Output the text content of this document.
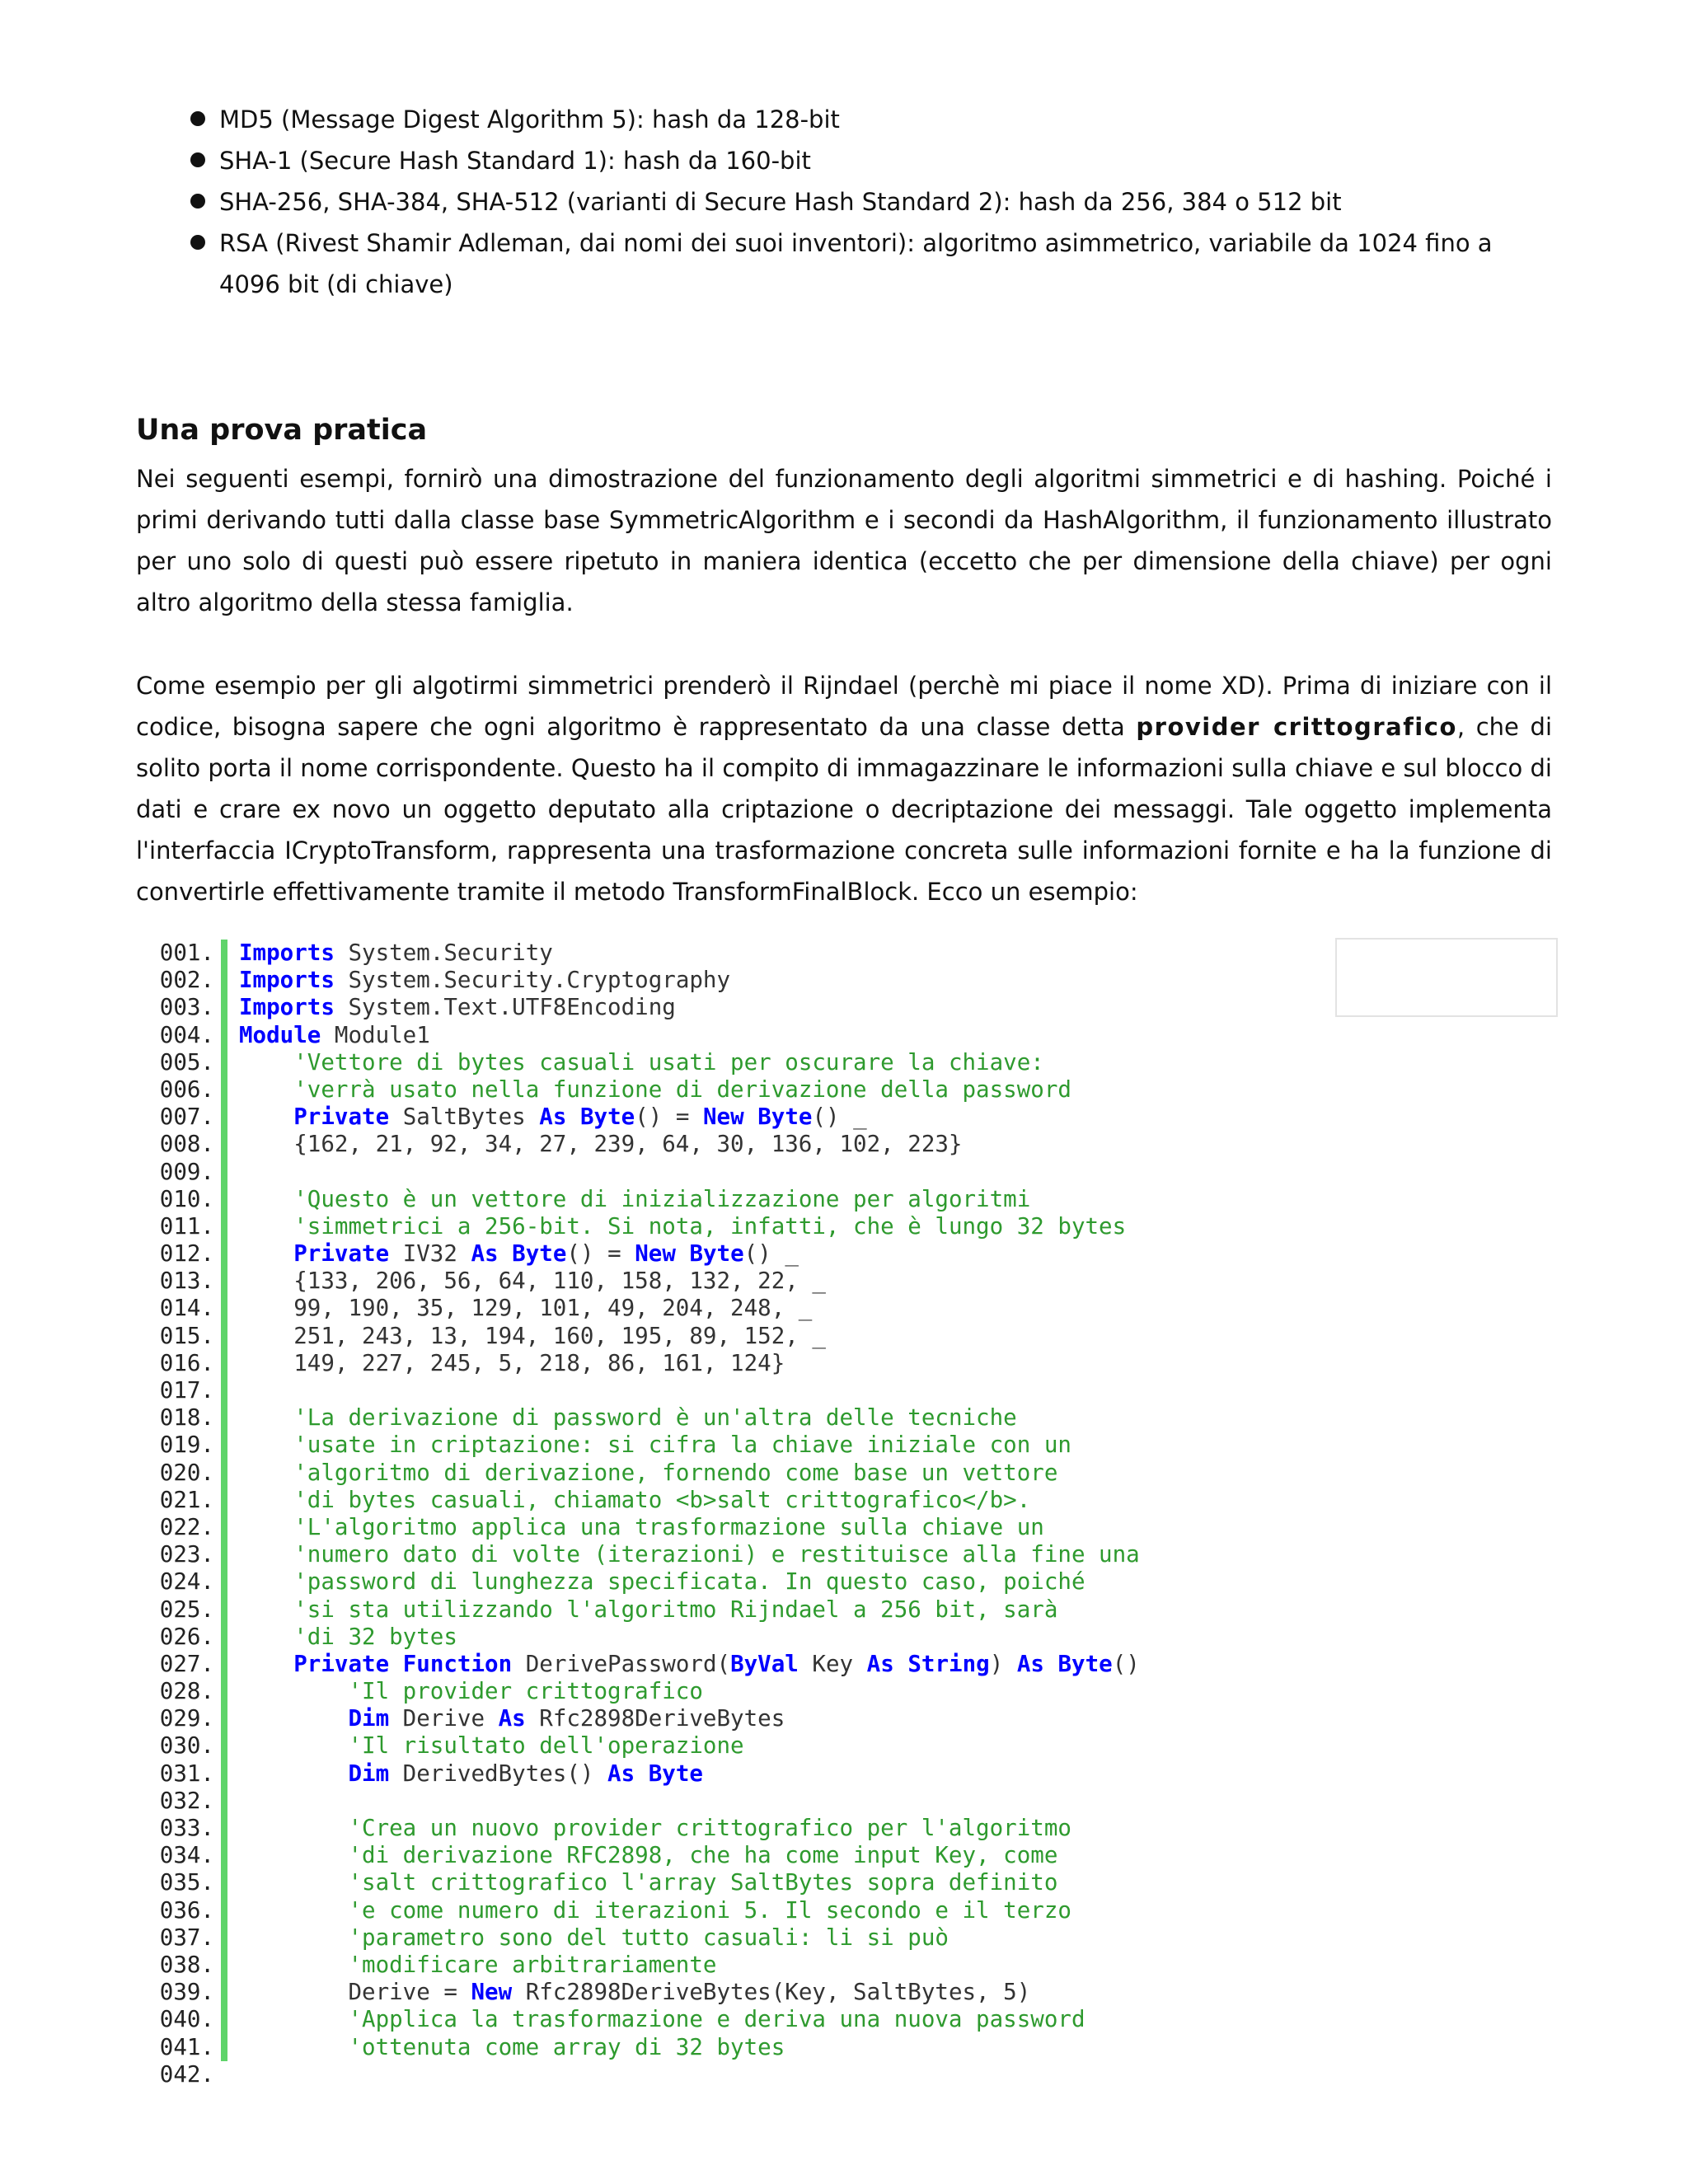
MD5 (Message Digest Algorithm 5): hash da 128-bit
SHA-1 (Secure Hash Standard 1): hash da 160-bit
SHA-256, SHA-384, SHA-512 (varianti di Secure Hash Standard 2): hash da 256, 384 o 512 bit
RSA (Rivest Shamir Adleman, dai nomi dei suoi inventori): algoritmo asimmetrico, variabile da 1024 fino a 4096 bit (di chiave)
Una prova pratica

Nei seguenti esempi, fornirò una dimostrazione del funzionamento degli algoritmi simmetrici e di hashing. Poiché i primi derivando tutti dalla classe base SymmetricAlgorithm e i secondi da HashAlgorithm, il funzionamento illustrato per uno solo di questi può essere ripetuto in maniera identica (eccetto che per dimensione della chiave) per ogni altro algoritmo della stessa famiglia.

Come esempio per gli algotirmi simmetrici prenderò il Rijndael (perchè mi piace il nome XD). Prima di iniziare con il codice, bisogna sapere che ogni algoritmo è rappresentato da una classe detta provider crittografico, che di solito porta il nome corrispondente. Questo ha il compito di immagazzinare le informazioni sulla chiave e sul blocco di dati e crare ex novo un oggetto deputato alla criptazione o decriptazione dei messaggi. Tale oggetto implementa l'interfaccia ICryptoTransform, rappresenta una trasformazione concreta sulle informazioni fornite e ha la funzione di convertirle effettivamente tramite il metodo TransformFinalBlock. Ecco un esempio:

001. Imports System.Security
002. Imports System.Security.Cryptography
003. Imports System.Text.UTF8Encoding
004. Module Module1
005.	'Vettore di bytes casuali usati per oscurare la chiave:
006.	'verrà usato nella funzione di derivazione della password
007.	Private SaltBytes As Byte() = New Byte() _
008. {162, 21, 92, 34, 27, 239, 64, 30, 136, 102, 223}
009.
010.	'Questo è un vettore di inizializzazione per algoritmi
011.	'simmetrici a 256-bit. Si nota, infatti, che è lungo 32 bytes
012.	Private IV32 As Byte() = New Byte() _
013. {133, 206, 56, 64, 110, 158, 132, 22, _
014. 99, 190, 35, 129, 101, 49, 204, 248, _
015. 251, 243, 13, 194, 160, 195, 89, 152, _
016. 149, 227, 245, 5, 218, 86, 161, 124}
017.
018.	'La derivazione di password è un'altra delle tecniche
019.	'usate in criptazione: si cifra la chiave iniziale con un
020.	'algoritmo di derivazione, fornendo come base un vettore
021.	'di bytes casuali, chiamato <b>salt crittografico</b>.
022.	'L'algoritmo applica una trasformazione sulla chiave un
023.	'numero dato di volte (iterazioni) e restituisce alla fine una
024.	'password di lunghezza specificata. In questo caso, poiché
025.	'si sta utilizzando l'algoritmo Rijndael a 256 bit, sarà
026.	'di 32 bytes
027.	Private Function DerivePassword(ByVal Key As String) As Byte()
028.	'Il provider crittografico
029.	Dim Derive As Rfc2898DeriveBytes
030.	'Il risultato dell'operazione
031.	Dim DerivedBytes() As Byte
032.
033.	'Crea un nuovo provider crittografico per l'algoritmo
034.	'di derivazione RFC2898, che ha come input Key, come
035.	'salt crittografico l'array SaltBytes sopra definito
036.	'e come numero di iterazioni 5. Il secondo e il terzo
037.	'parametro sono del tutto casuali: li si può
038.	'modificare arbitrariamente
039. Derive = New Rfc2898DeriveBytes(Key, SaltBytes, 5)
040.	'Applica la trasformazione e deriva una nuova password
041.	'ottenuta come array di 32 bytes
042.
